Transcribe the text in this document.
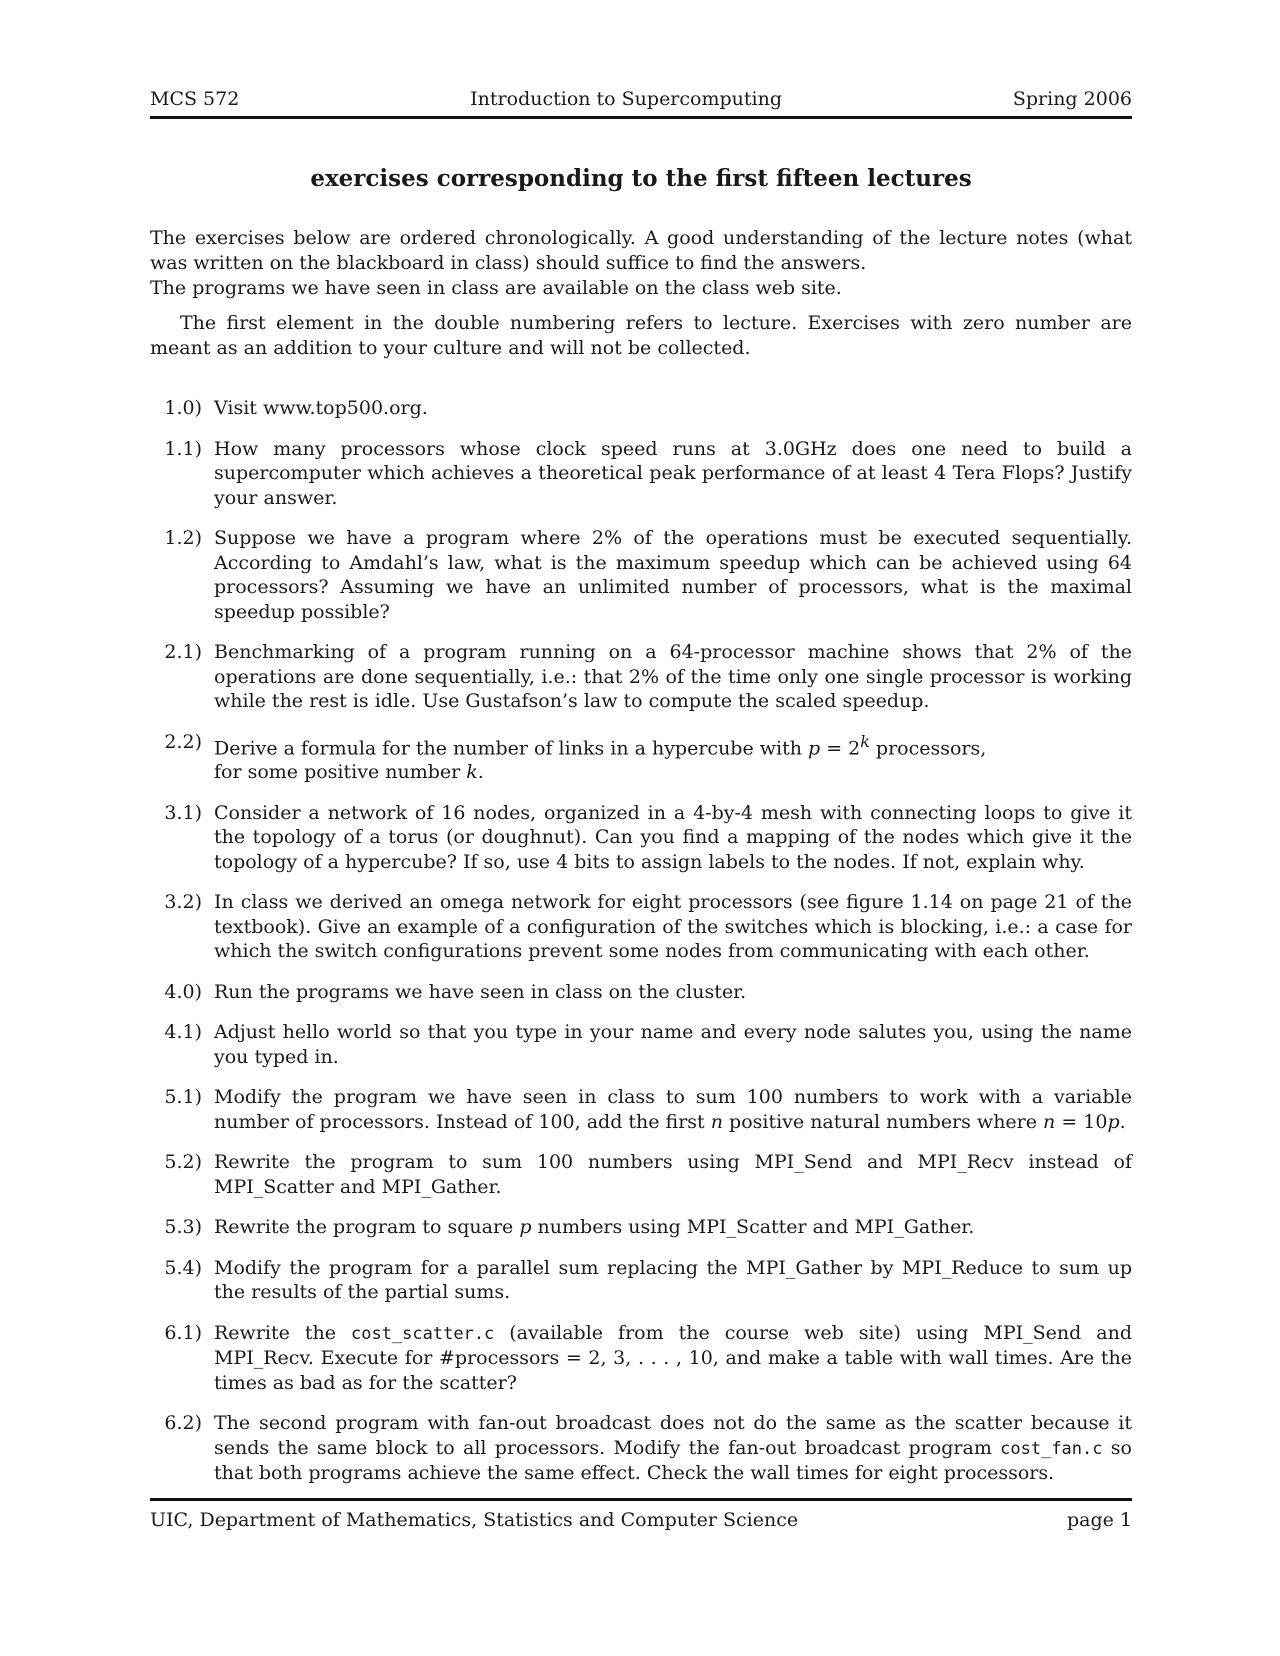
MCS 572	Introduction to Supercomputing	Spring 2006
exercises corresponding to the first fifteen lectures

The exercises below are ordered chronologically. A good understanding of the lecture notes (what was written on the blackboard in class) should suffice to find the answers.

The programs we have seen in class are available on the class web site.

The first element in the double numbering refers to lecture. Exercises with zero number are meant as an addition to your culture and will not be collected.

1.0) Visit www.top500.org.
1.1) How many processors whose clock speed runs at 3.0GHz does one need to build a supercomputer which achieves a theoretical peak performance of at least 4 Tera Flops? Justify your answer.
1.2) Suppose we have a program where 2% of the operations must be executed sequentially. According to Amdahl’s law, what is the maximum speedup which can be achieved using 64 processors? Assuming we have an unlimited number of processors, what is the maximal speedup possible?
2.1) Benchmarking of a program running on a 64-processor machine shows that 2% of the operations are done sequentially, i.e.: that 2% of the time only one single processor is working while the rest is idle. Use Gustafson’s law to compute the scaled speedup.
2.2) Derive a formula for the number of links in a hypercube with $p = 2^k$ processors,
for some positive number k.
3.1) Consider a network of 16 nodes, organized in a 4-by-4 mesh with connecting loops to give it the topology of a torus (or doughnut). Can you find a mapping of the nodes which give it the topology of a hypercube? If so, use 4 bits to assign labels to the nodes. If not, explain why.
3.2) In class we derived an omega network for eight processors (see figure 1.14 on page 21 of the textbook). Give an example of a configuration of the switches which is blocking, i.e.: a case for which the switch configurations prevent some nodes from communicating with each other.
4.0) Run the programs we have seen in class on the cluster.
4.1) Adjust hello world so that you type in your name and every node salutes you, using the name you typed in.
5.1) Modify the program we have seen in class to sum 100 numbers to work with a variable number of processors. Instead of 100, add the first n positive natural numbers where n = 10p.
5.2) Rewrite the program to sum 100 numbers using MPI_Send and MPI_Recv instead of MPI_Scatter and MPI_Gather.
5.3) Rewrite the program to square p numbers using MPI_Scatter and MPI_Gather.
5.4) Modify the program for a parallel sum replacing the MPI_Gather by MPI_Reduce to sum up the results of the partial sums.
6.1) Rewrite the cost_scatter.c (available from the course web site) using MPI_Send and MPI_Recv. Execute for #processors = 2, 3, . . . , 10, and make a table with wall times. Are the times as bad as for the scatter?
6.2) The second program with fan-out broadcast does not do the same as the scatter because it sends the same block to all processors. Modify the fan-out broadcast program cost_fan.c so that both programs achieve the same effect. Check the wall times for eight processors.
UIC, Department of Mathematics, Statistics and Computer Science	page 1
